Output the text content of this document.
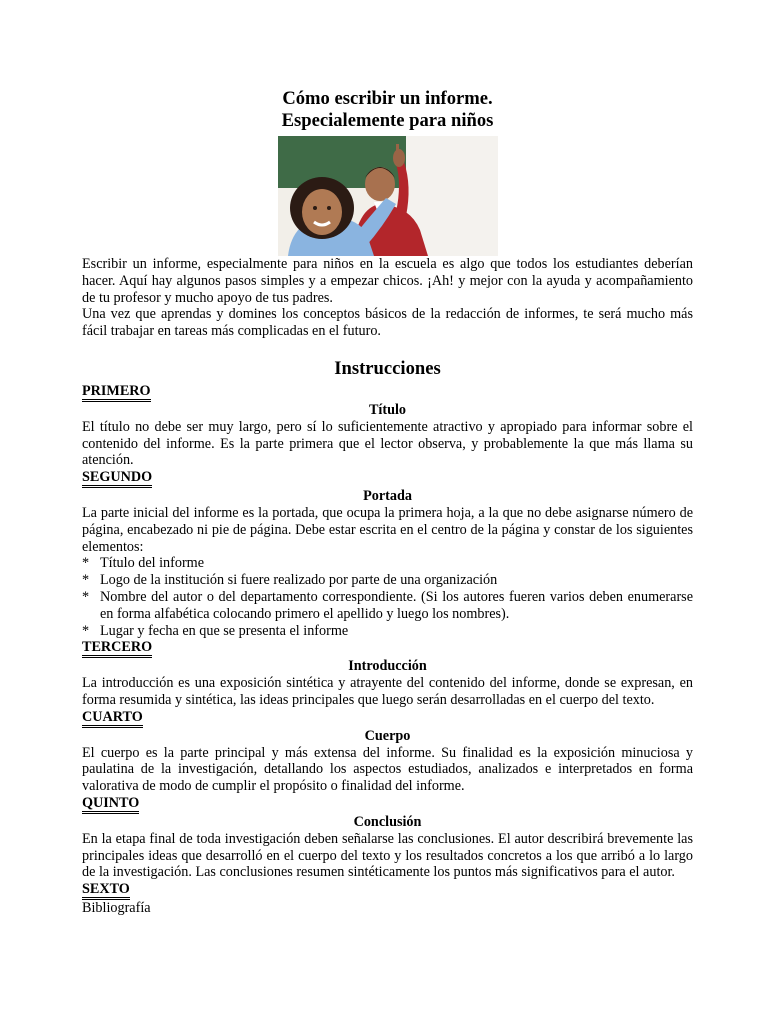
Cómo escribir un informe.
Especialemente para niños

Escribir un informe, especialmente para niños en la escuela es algo que todos los estudiantes deberían hacer. Aquí hay algunos pasos simples y a empezar chicos. ¡Ah! y mejor con la ayuda y acompañamiento de tu profesor y mucho apoyo de tus padres.

Una vez que aprendas y domines los conceptos básicos de la redacción de informes, te será mucho más fácil trabajar en tareas más complicadas en el futuro.

Instrucciones
PRIMERO
Título

El título no debe ser muy largo, pero sí lo suficientemente atractivo y apropiado para informar sobre el contenido del informe. Es la parte primera que el lector observa, y probablemente la que más llama su atención.

SEGUNDO
Portada

La parte inicial del informe es la portada, que ocupa la primera hoja, a la que no debe asignarse número de página, encabezado ni pie de página. Debe estar escrita en el centro de la página y constar de los siguientes elementos:

* Título del informe
* Logo de la institución si fuere realizado por parte de una organización
* Nombre del autor o del departamento correspondiente. (Si los autores fueren varios deben enumerarse en forma alfabética colocando primero el apellido y luego los nombres).
* Lugar y fecha en que se presenta el informe
TERCERO
Introducción

La introducción es una exposición sintética y atrayente del contenido del informe, donde se expresan, en forma resumida y sintética, las ideas principales que luego serán desarrolladas en el cuerpo del texto.

CUARTO
Cuerpo

El cuerpo es la parte principal y más extensa del informe. Su finalidad es la exposición minuciosa y paulatina de la investigación, detallando los aspectos estudiados, analizados e interpretados en forma valorativa de modo de cumplir el propósito o finalidad del informe.

QUINTO
Conclusión

En la etapa final de toda investigación deben señalarse las conclusiones. El autor describirá brevemente las principales ideas que desarrolló en el cuerpo del texto y los resultados concretos a los que arribó a lo largo de la investigación. Las conclusiones resumen sintéticamente los puntos más significativos para el autor.

SEXTO

Bibliografía
